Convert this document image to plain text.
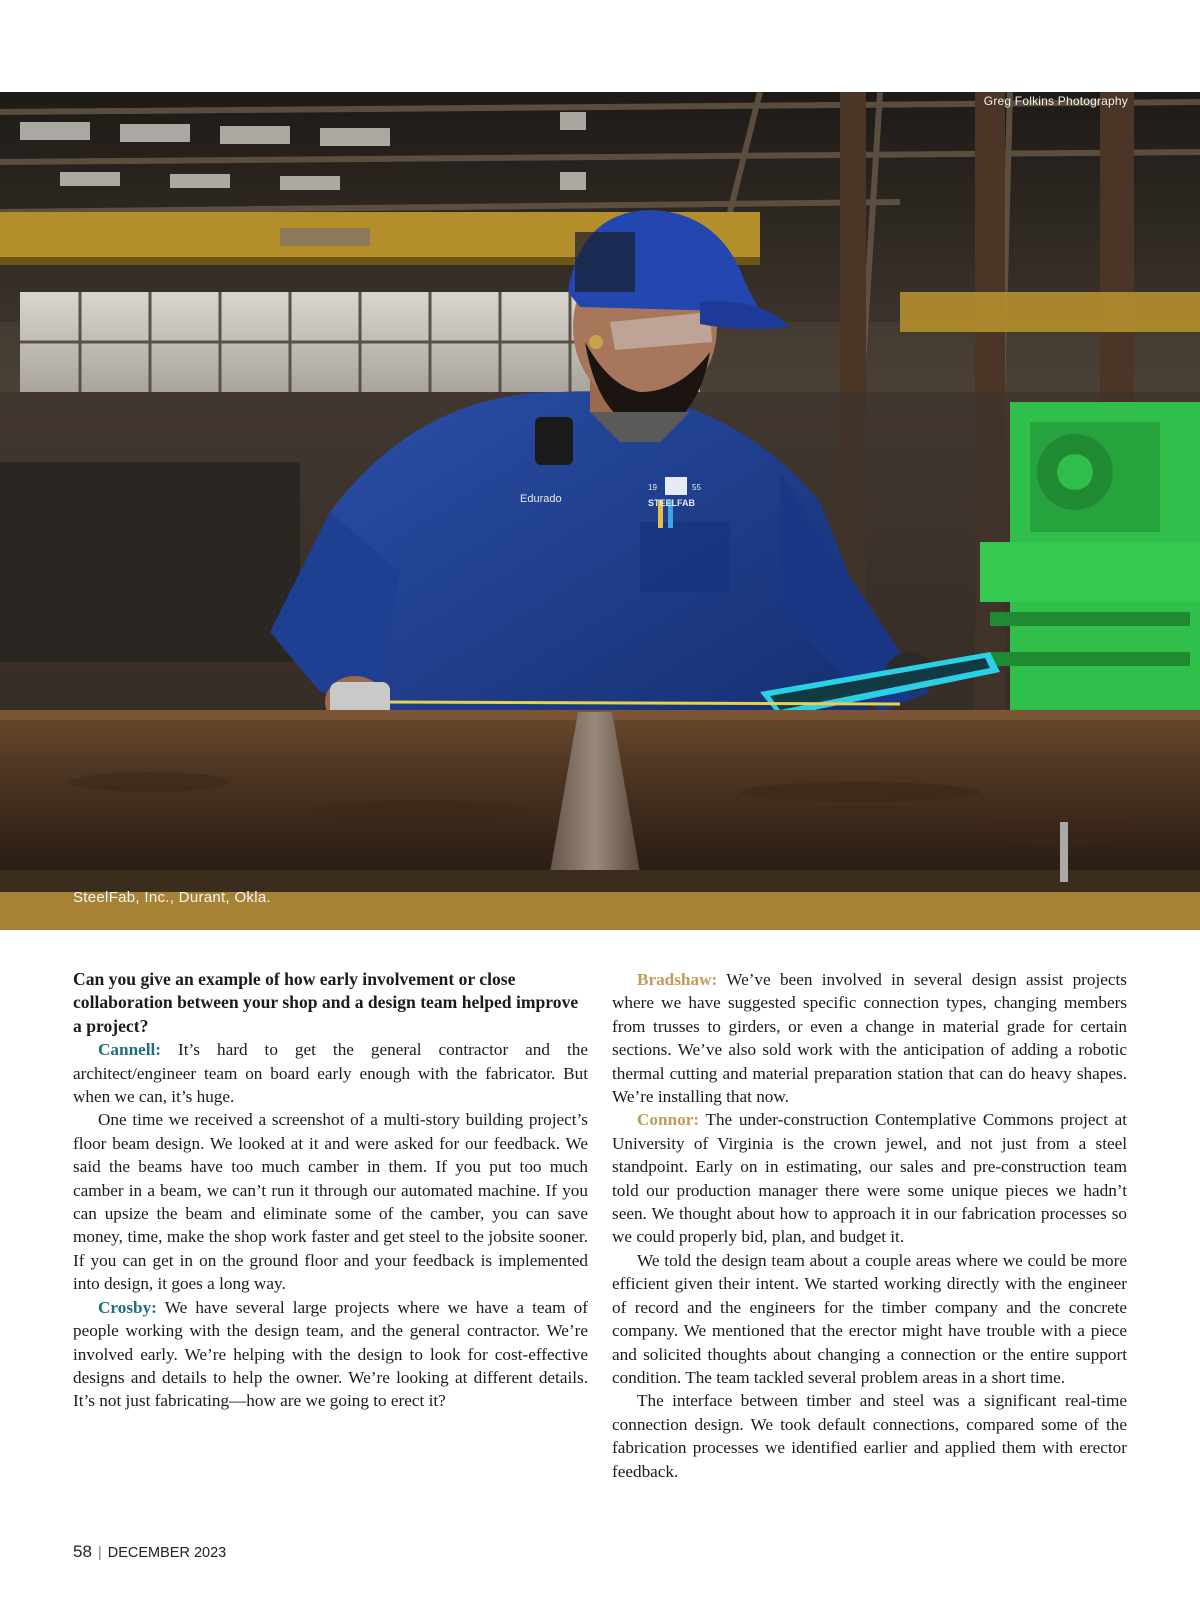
Edurado
19	55
STEELFAB
Greg Folkins Photography
SteelFab, Inc., Durant, Okla.

Can you give an example of how early involvement or close collaboration between your shop and a design team helped improve a project?

Cannell: It’s hard to get the general contractor and the architect/engineer team on board early enough with the fabricator. But when we can, it’s huge.

One time we received a screenshot of a multi-story building project’s floor beam design. We looked at it and were asked for our feedback. We said the beams have too much camber in them. If you put too much camber in a beam, we can’t run it through our automated machine. If you can upsize the beam and eliminate some of the camber, you can save money, time, make the shop work faster and get steel to the jobsite sooner. If you can get in on the ground floor and your feedback is implemented into design, it goes a long way.

Crosby: We have several large projects where we have a team of people working with the design team, and the general contractor. We’re involved early. We’re helping with the design to look for cost-effective designs and details to help the owner. We’re looking at different details. It’s not just fabricating—how are we going to erect it?

Bradshaw: We’ve been involved in several design assist projects where we have suggested specific connection types, changing members from trusses to girders, or even a change in material grade for certain sections. We’ve also sold work with the anticipation of adding a robotic thermal cutting and material preparation station that can do heavy shapes. We’re installing that now.

Connor: The under-construction Contemplative Commons project at University of Virginia is the crown jewel, and not just from a steel standpoint. Early on in estimating, our sales and pre-construction team told our production manager there were some unique pieces we hadn’t seen. We thought about how to approach it in our fabrication processes so we could properly bid, plan, and budget it.

We told the design team about a couple areas where we could be more efficient given their intent. We started working directly with the engineer of record and the engineers for the timber company and the concrete company. We mentioned that the erector might have trouble with a piece and solicited thoughts about changing a connection or the entire support condition. The team tackled several problem areas in a short time.

The interface between timber and steel was a significant real-time connection design. We took default connections, compared some of the fabrication processes we identified earlier and applied them with erector feedback.

58 | DECEMBER 2023
